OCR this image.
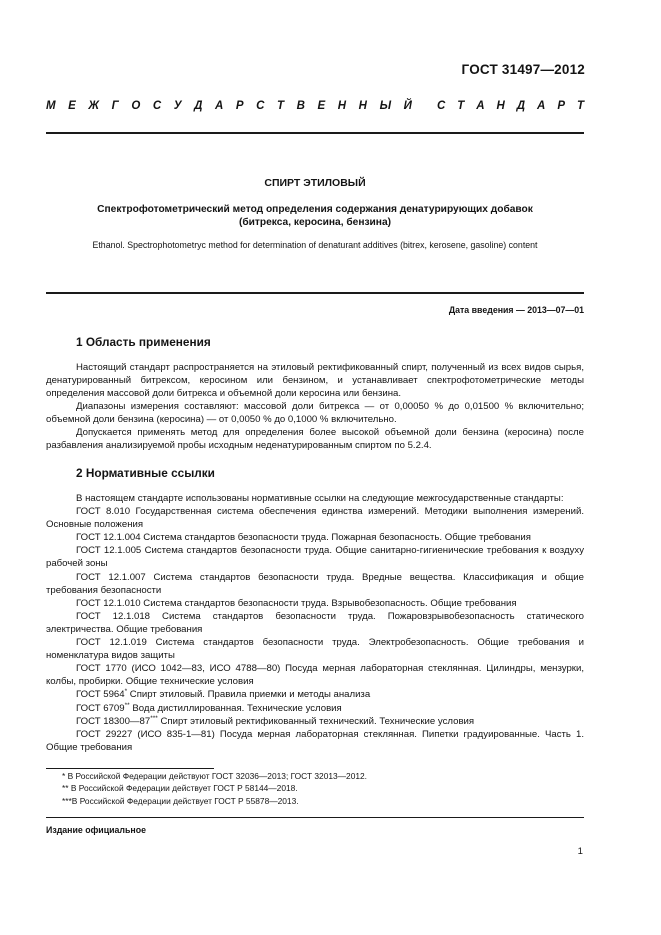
ГОСТ 31497—2012
М Е Ж Г О С У Д А Р С Т В Е Н Н Ы Й С Т А Н Д А Р Т
СПИРТ ЭТИЛОВЫЙ
Спектрофотометрический метод определения содержания денатурирующих добавок
(битрекса, керосина, бензина)
Ethanol. Spectrophotometryc method for determination of denaturant additives (bitrex, kerosene, gasoline) content
Дата введения — 2013—07—01
1 Область применения

Настоящий стандарт распространяется на этиловый ректификованный спирт, полученный из всех видов сырья, денатурированный битрексом, керосином или бензином, и устанавливает спектрофотометрические методы определения массовой доли битрекса и объемной доли керосина или бензина.

Диапазоны измерения составляют: массовой доли битрекса — от 0,00050 % до 0,01500 % включительно; объемной доли бензина (керосина) — от 0,0050 % до 0,1000 % включительно.

Допускается применять метод для определения более высокой объемной доли бензина (керосина) после разбавления анализируемой пробы исходным неденатурированным спиртом по 5.2.4.

2 Нормативные ссылки

В настоящем стандарте использованы нормативные ссылки на следующие межгосударственные стандарты:

ГОСТ 8.010 Государственная система обеспечения единства измерений. Методики выполнения измерений. Основные положения

ГОСТ 12.1.004 Система стандартов безопасности труда. Пожарная безопасность. Общие требования

ГОСТ 12.1.005 Система стандартов безопасности труда. Общие санитарно-гигиенические требования к воздуху рабочей зоны

ГОСТ 12.1.007 Система стандартов безопасности труда. Вредные вещества. Классификация и общие требования безопасности

ГОСТ 12.1.010 Система стандартов безопасности труда. Взрывобезопасность. Общие требования

ГОСТ 12.1.018 Система стандартов безопасности труда. Пожаровзрывобезопасность статического электричества. Общие требования

ГОСТ 12.1.019 Система стандартов безопасности труда. Электробезопасность. Общие требования и номенклатура видов защиты

ГОСТ 1770 (ИСО 1042—83, ИСО 4788—80) Посуда мерная лабораторная стеклянная. Цилиндры, мензурки, колбы, пробирки. Общие технические условия

ГОСТ 5964* Спирт этиловый. Правила приемки и методы анализа

ГОСТ 6709** Вода дистиллированная. Технические условия

ГОСТ 18300—87*** Спирт этиловый ректификованный технический. Технические условия

ГОСТ 29227 (ИСО 835-1—81) Посуда мерная лабораторная стеклянная. Пипетки градуированные. Часть 1. Общие требования

* В Российской Федерации действуют ГОСТ 32036—2013; ГОСТ 32013—2012.
** В Российской Федерации действует ГОСТ Р 58144—2018.
***В Российской Федерации действует ГОСТ Р 55878—2013.
Издание официальное
1
